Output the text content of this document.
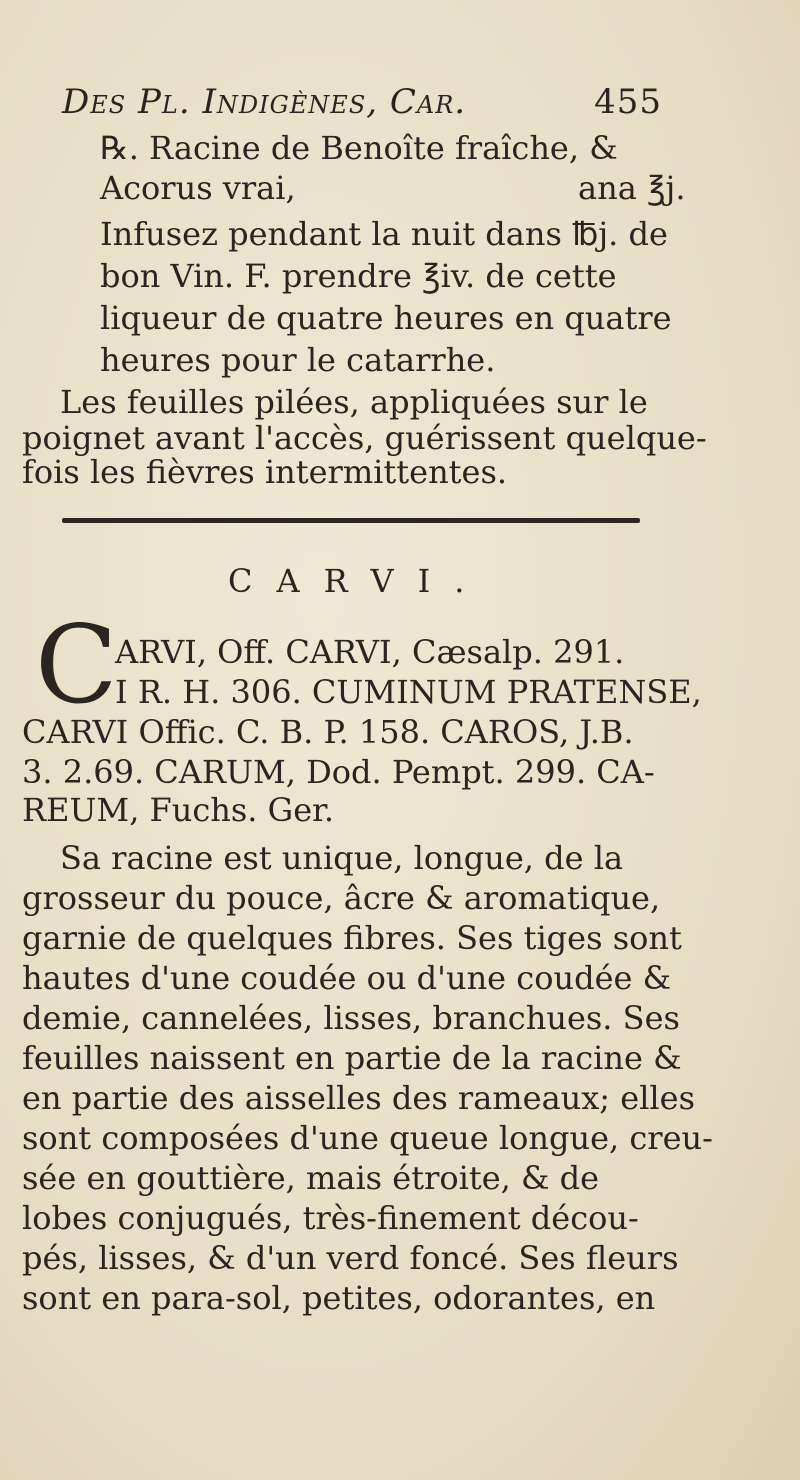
Des Pl. Indigènes, Car.	455
℞. Racine de Benoîte fraîche, &
Acorus vrai,	ana ℥j.
Infusez pendant la nuit dans ℔j. de
bon Vin. F. prendre ℥iv. de cette
liqueur de quatre heures en quatre
heures pour le catarrhe.
Les feuilles pilées, appliquées sur le
poignet avant l'accès, guérissent quelque-
fois les fièvres intermittentes.
CARVI.
C
ARVI, Off. CARVI, Cæsalp. 291.
I R. H. 306. CUMINUM PRATENSE,
CARVI Offic. C. B. P. 158. CAROS, J.B.
3. 2.69. CARUM, Dod. Pempt. 299. CA-
REUM, Fuchs. Ger.
Sa racine est unique, longue, de la
grosseur du pouce, âcre & aromatique,
garnie de quelques fibres. Ses tiges sont
hautes d'une coudée ou d'une coudée &
demie, cannelées, lisses, branchues. Ses
feuilles naissent en partie de la racine &
en partie des aisselles des rameaux; elles
sont composées d'une queue longue, creu-
sée en gouttière, mais étroite, & de
lobes conjugués, très-finement décou-
pés, lisses, & d'un verd foncé. Ses fleurs
sont en para-sol, petites, odorantes, en
